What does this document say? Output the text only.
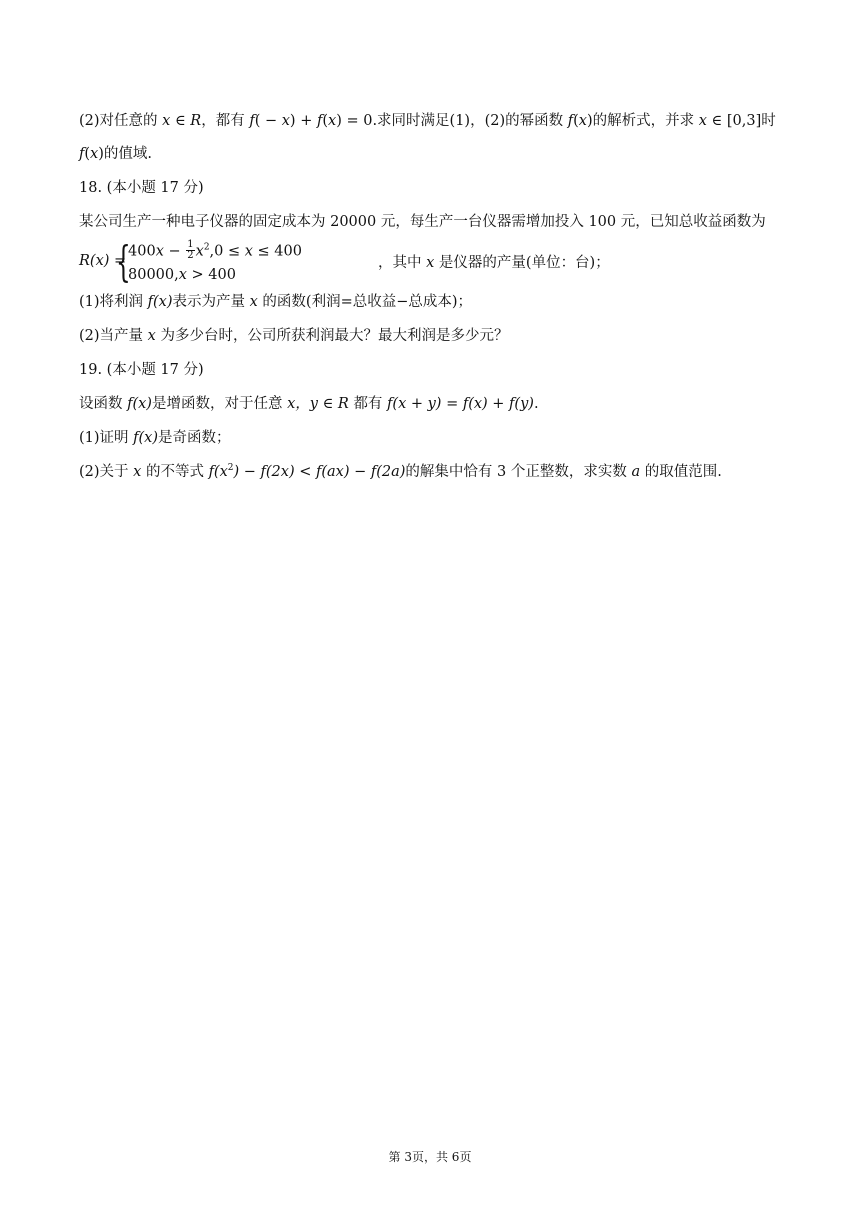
(2)对任意的 x ∈ R，都有 f( − x) + f(x) = 0.求同时满足(1)，(2)的幂函数 f(x)的解析式，并求 x ∈ [0,3]时
f(x)的值域.
18. (本小题 17 分)
某公司生产一种电子仪器的固定成本为 20000 元，每生产一台仪器需增加投入 100 元，已知总收益函数为
R(x) =
{
$400x - \frac{1}{2} x^2,0 \le x \le 400$
80000,x > 400
，其中 x 是仪器的产量(单位：台)；
(1)将利润 f(x)表示为产量 x 的函数(利润=总收益−总成本)；
(2)当产量 x 为多少台时，公司所获利润最大？最大利润是多少元？
19. (本小题 17 分)
设函数 f(x)是增函数，对于任意 x，y ∈ R 都有 f(x + y) = f(x) + f(y).
(1)证明 f(x)是奇函数；
(2)关于 x 的不等式 $f(x^2) - f(2x) < f(ax) - f(2a)$的解集中恰有 3 个正整数，求实数 a 的取值范围.
第 3页，共 6页
